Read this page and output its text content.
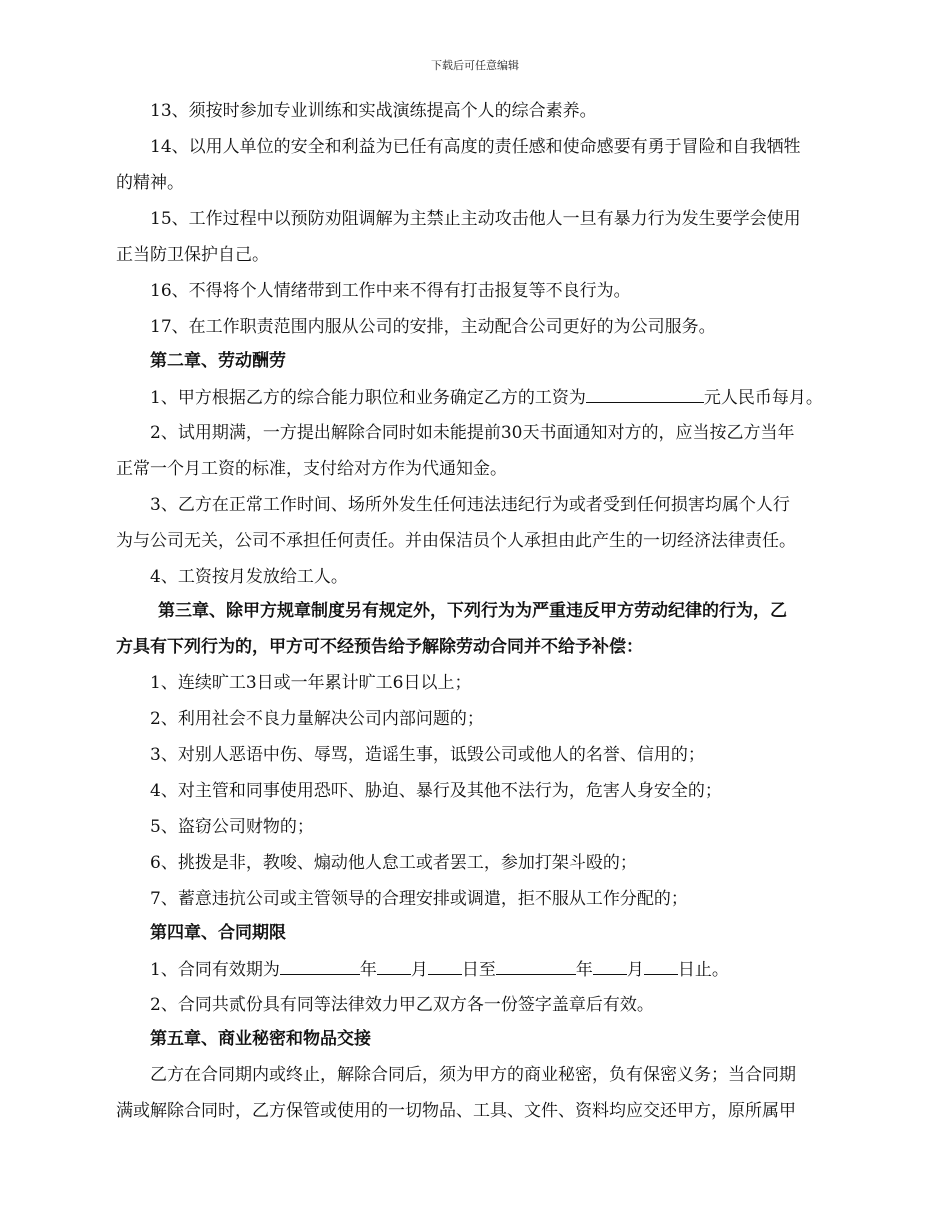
下载后可任意编辑
13、须按时参加专业训练和实战演练提高个人的综合素养。
14、以用人单位的安全和利益为已任有高度的责任感和使命感要有勇于冒险和自我牺牲
的精神。
15、工作过程中以预防劝阻调解为主禁止主动攻击他人一旦有暴力行为发生要学会使用
正当防卫保护自己。
16、不得将个人情绪带到工作中来不得有打击报复等不良行为。
17、在工作职责范围内服从公司的安排，主动配合公司更好的为公司服务。
第二章、劳动酬劳
1、甲方根据乙方的综合能力职位和业务确定乙方的工资为	元人民币每月。
2、试用期满，一方提出解除合同时如未能提前30天书面通知对方的，应当按乙方当年
正常一个月工资的标准，支付给对方作为代通知金。
3、乙方在正常工作时间、场所外发生任何违法违纪行为或者受到任何损害均属个人行
为与公司无关，公司不承担任何责任。并由保洁员个人承担由此产生的一切经济法律责任。
4、工资按月发放给工人。
第三章、除甲方规章制度另有规定外，下列行为为严重违反甲方劳动纪律的行为，乙
方具有下列行为的，甲方可不经预告给予解除劳动合同并不给予补偿：
1、连续旷工3日或一年累计旷工6日以上；
2、利用社会不良力量解决公司内部问题的；
3、对别人恶语中伤、辱骂，造谣生事，诋毁公司或他人的名誉、信用的；
4、对主管和同事使用恐吓、胁迫、暴行及其他不法行为，危害人身安全的；
5、盗窃公司财物的；
6、挑拨是非，教唆、煽动他人怠工或者罢工，参加打架斗殴的；
7、蓄意违抗公司或主管领导的合理安排或调遣，拒不服从工作分配的；
第四章、合同期限
1、合同有效期为	年 月 日至	年 月 日止。
2、合同共贰份具有同等法律效力甲乙双方各一份签字盖章后有效。
第五章、商业秘密和物品交接
乙方在合同期内或终止，解除合同后，须为甲方的商业秘密，负有保密义务；当合同期
满或解除合同时，乙方保管或使用的一切物品、工具、文件、资料均应交还甲方，原所属甲
